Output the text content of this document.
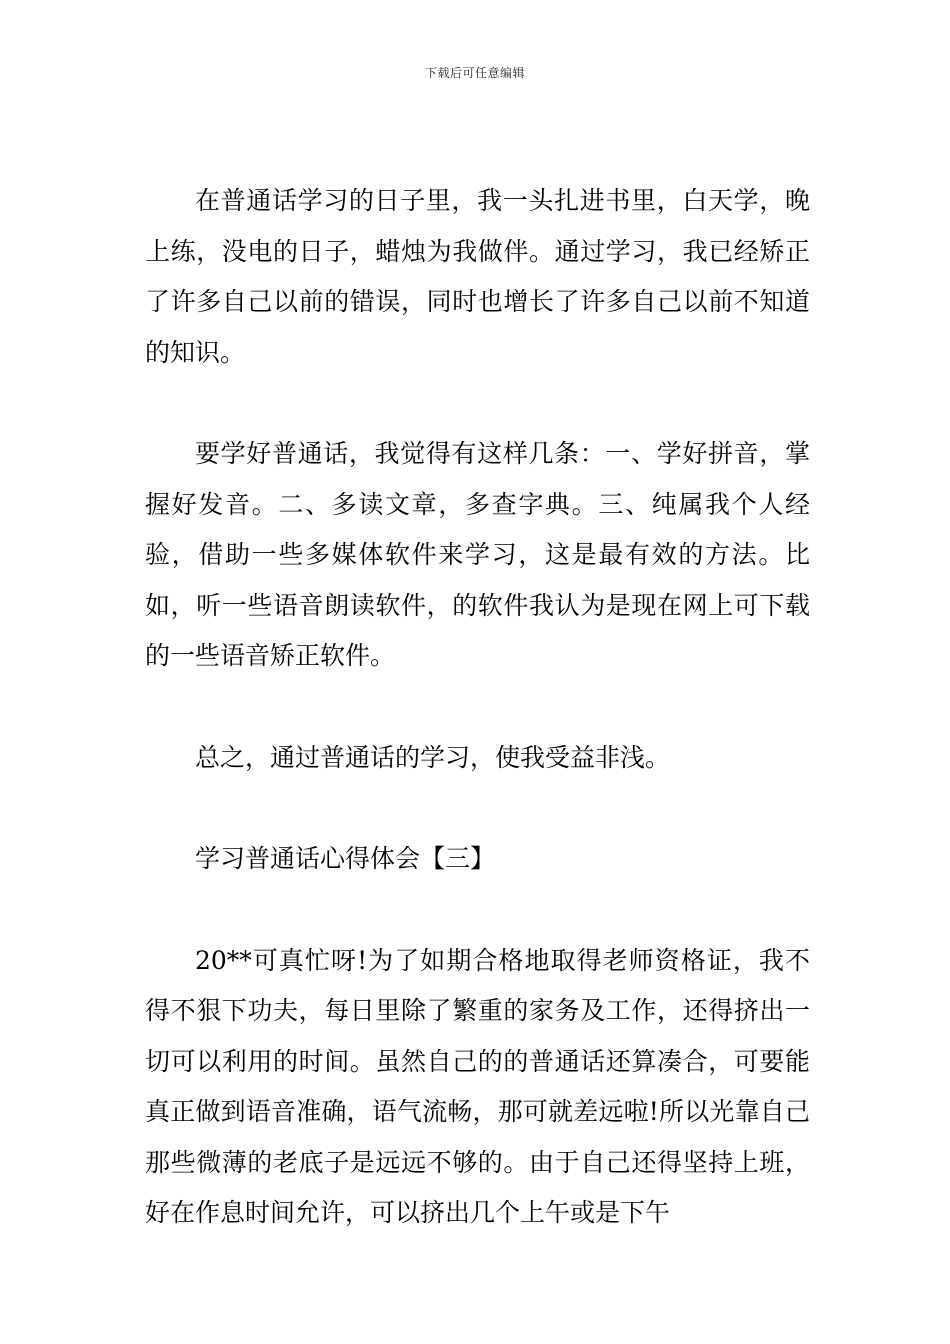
下载后可任意编辑

在普通话学习的日子里，我一头扎进书里，白天学，晚上练，没电的日子，蜡烛为我做伴。通过学习，我已经矫正了许多自己以前的错误，同时也增长了许多自己以前不知道的知识。

要学好普通话，我觉得有这样几条：一、学好拼音，掌握好发音。二、多读文章，多查字典。三、纯属我个人经验，借助一些多媒体软件来学习，这是最有效的方法。比如，听一些语音朗读软件，的软件我认为是现在网上可下载的一些语音矫正软件。

总之，通过普通话的学习，使我受益非浅。

学习普通话心得体会【三】

20**可真忙呀!为了如期合格地取得老师资格证，我不得不狠下功夫，每日里除了繁重的家务及工作，还得挤出一切可以利用的时间。虽然自己的的普通话还算凑合，可要能真正做到语音准确，语气流畅，那可就差远啦!所以光靠自己那些微薄的老底子是远远不够的。由于自己还得坚持上班，好在作息时间允许，可以挤出几个上午或是下午
